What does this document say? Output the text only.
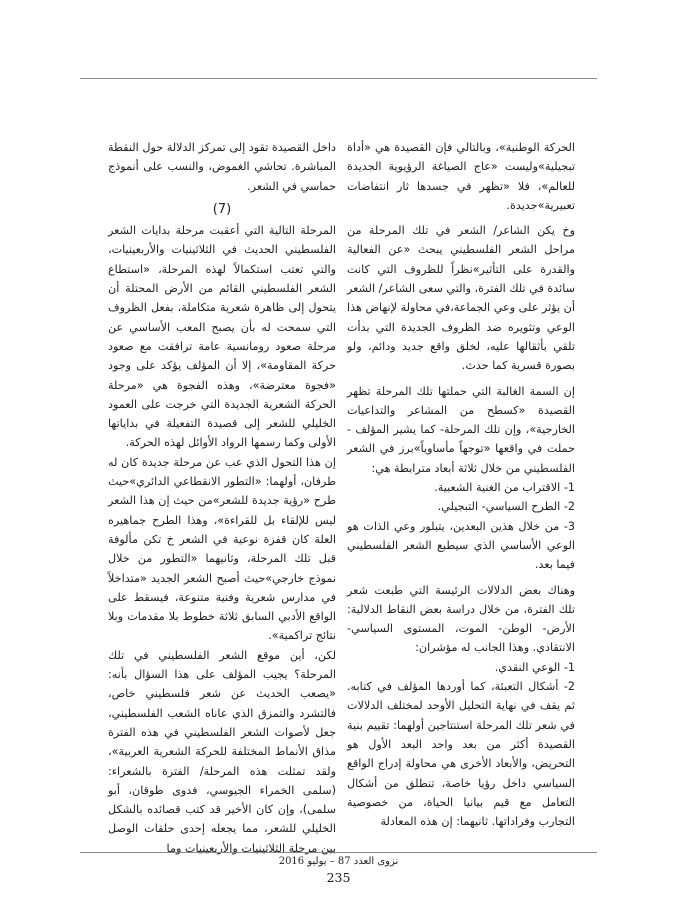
الحركة الوطنية»، وبالتالي فإن القصيدة هي «أداة تبجيلية»وليست «عاج الصياغة الرؤيوية الجديدة للعالم»، فلا «تظهر في جسدها ثار انتفاضات تعبيرية»جديدة.

وخ يكن الشاعر/ الشعر في تلك المرحلة من مراحل الشعر الفلسطيني يبحث «عن الفعالية والقدرة على التأثير»نظراً للظروف التي كانت سائدة في تلك الفترة، والتي سعى الشاعر/ الشعر أن يؤثر على وعي الجماعة،في محاولة لإنهاض هذا الوعي وتثويره ضد الظروف الجديدة التي بدأت تلقي بأثقالها عليه، لخلق واقع جديد ودائم، ولو بصورة قسرية كما حدث.

إن السمة الغالبة التي حملتها تلك المرحلة تظهر القصيدة «كسطح من المشاعر والتداعيات الخارجية»، وإن تلك المرحلة- كما يشير المؤلف - حملت في واقعها «توجهاً مأساوياً»برز في الشعر الفلسطيني من خلال ثلاثة أبعاد مترابطة هي:

1- الاقتراب من الغنية الشعبية.

2- الطرح السياسي- التبجيلي.

3- من خلال هذين البعدين، يتبلور وعي الذات هو الوعي الأساسي الذي سيطبع الشعر الفلسطيني فيما بعد.

وهناك بعض الدلالات الرئيسة التي طبعت شعر تلك الفترة، من خلال دراسة بعض النقاط الدلالية: الأرض- الوطن- الموت، المستوى السياسي- الانتقادي. وهذا الجانب له مؤشران:

1- الوعي النقدي.

2- أشكال التعبئة، كما أوردها المؤلف في كتابه. ثم يقف في نهاية التحليل الأوحد لمختلف الدلالات في شعر تلك المرحلة استنتاجين أولهما: تقييم بنية القصيدة أكثر من بعد واحد البعد الأول هو التحريض، والأبعاد الأخرى هي محاولة إدراج الواقع السياسي داخل رؤيا خاصة، تنطلق من أشكال التعامل مع قيم بيانيا الحياة، من خصوصية التجارب وفراداتها. ثانيهما: إن هذه المعادلة

داخل القصيدة تقود إلى تمركز الدلالة حول النقطة المباشرة. تحاشي الغموض، والنسب على أنموذج حماسي في الشعر.

(7)

المرحلة التالية التي أعقبت مرحلة بدايات الشعر الفلسطيني الحديث في الثلاثينيات والأربعينيات، والتي تعتب استكمالاً لهذه المرحلة، «استطاع الشعر الفلسطيني القائم من الأرض المحتلة أن يتحول إلى ظاهرة شعرية متكاملة، بفعل الظروف التي سمحت له بأن يصبح المعب الأساسي عن مرحلة صعود رومانسية عامة ترافقت مع صعود حركة المقاومة»، إلا أن المؤلف يؤكد على وجود «فجوة معترضة»، وهذه الفجوة هي «مرحلة الحركة الشعرية الجديدة التي خرجت على العمود الخليلي للشعر إلى قصيدة التفعيلة في بداياتها الأولى وكما رسمها الرواد الأوائل لهذه الحركة.

إن هذا التحول الذي عب عن مرحلة جديدة كان له طرفان، أولهما: «التطور الانقطاعي الدائري»حيث طرح «رؤية جديدة للشعر»من حيث إن هذا الشعر ليس للإلقاء بل للقراءة»، وهذا الطرح جماهيره العلة كان قفزة نوعية في الشعر خ تكن مألوفة قبل تلك المرحلة، وثانيهما «التطور من خلال نموذج خارجي»حيث أصبح الشعر الجديد «متداخلاً في مدارس شعرية وفنية متنوعة، فيسقط على الواقع الأدبي السابق ثلاثة خطوط بلا مقدمات وبلا نتائج تراكمية».

لكن، أين موقع الشعر الفلسطيني في تلك المرحلة؟ يجيب المؤلف على هذا السؤال بأنه: «يصعب الحديث عن شعر فلسطيني خاص، فالتشرد والتمزق الذي عاناه الشعب الفلسطيني، جعل لأصوات الشعر الفلسطيني في هذه الفترة مذاق الأنماط المختلفة للحركة الشعرية العربية»، ولقد تمثلت هذه المرحلة/ الفترة بالشعراء: (سلمى الخمراء الجيوسي، فدوى طوقان، أبو سلمى)، وإن كان الأخير قد كتب قصائده بالشكل الخليلي للشعر، مما يجعله إحدى حلقات الوصل بين مرحلة الثلاثينيات والأربعينيات وما

نزوى العدد 87 – يوليو 2016
235
